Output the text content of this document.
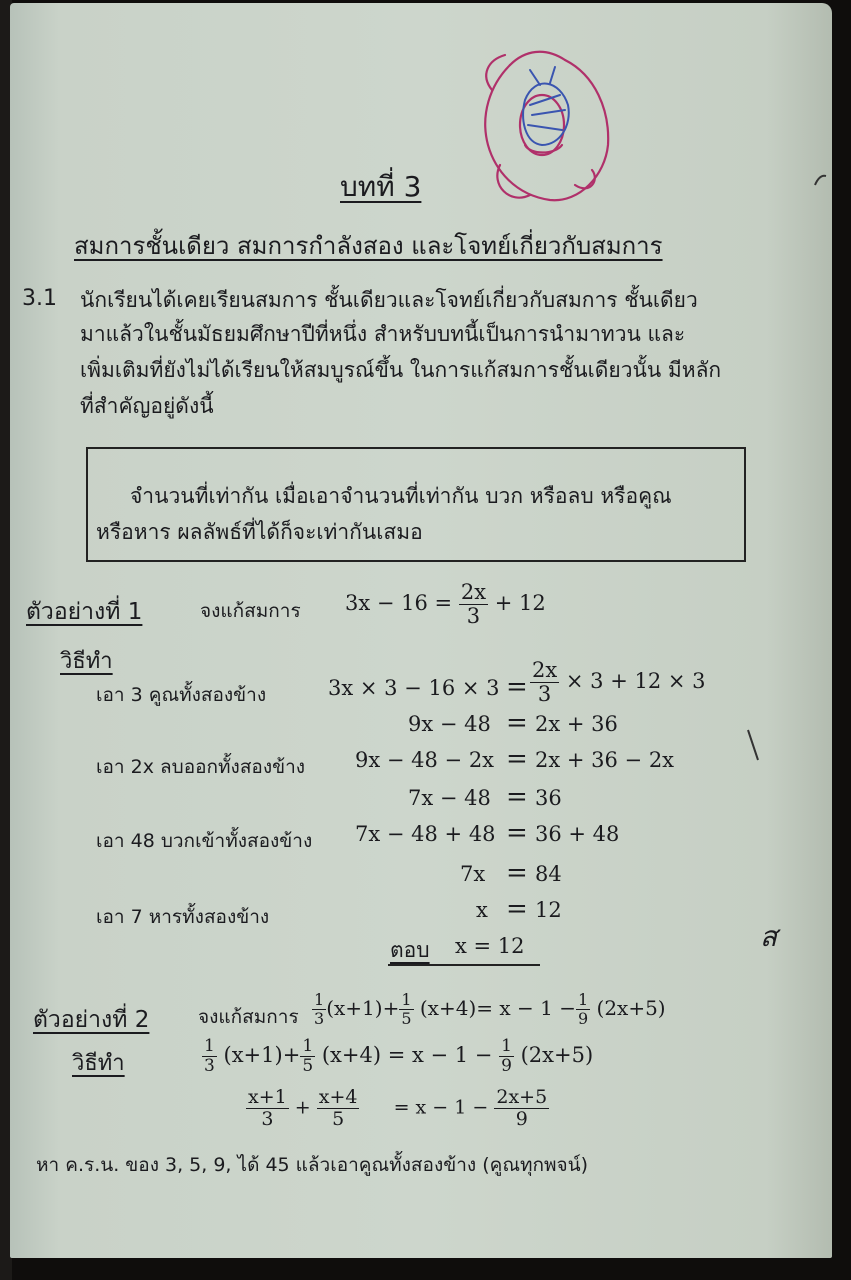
ส
บทที่ 3
สมการชั้นเดียว สมการกำลังสอง และโจทย์เกี่ยวกับสมการ
3.1 นักเรียนได้เคยเรียนสมการ ชั้นเดียวและโจทย์เกี่ยวกับสมการ ชั้นเดียว
มาแล้วในชั้นมัธยมศึกษาปีที่หนึ่ง สำหรับบทนี้เป็นการนำมาทวน และ
เพิ่มเติมที่ยังไม่ได้เรียนให้สมบูรณ์ขึ้น ในการแก้สมการชั้นเดียวนั้น มีหลัก
ที่สำคัญอยู่ดังนี้
จำนวนที่เท่ากัน เมื่อเอาจำนวนที่เท่ากัน บวก หรือลบ หรือคูณ
หรือหาร ผลลัพธ์ที่ได้ก็จะเท่ากันเสมอ
ตัวอย่างที่ 1	จงแก้สมการ $3x - 16 = \frac{2x}{3} + 12$
วิธีทำ
เอา 3 คูณทั้งสองข้าง	$3x \times 3 - 16 \times 3 = \frac{2x}{3} \times 3 + 12 \times 3$
9x − 48 = 2x + 36
เอา 2x ลบออกทั้งสองข้าง 9x − 48 − 2x = 2x + 36 − 2x
7x − 48 = 36
เอา 48 บวกเข้าทั้งสองข้าง 7x − 48 + 48 = 36 + 48
7x = 84
เอา 7 หารทั้งสองข้าง	x = 12
ตอบ x = 12
ตัวอย่างที่ 2	จงแก้สมการ $\frac{1}{3} (x+1)+ \frac{1}{5} (x+4)= x - 1 - \frac{1}{9} (2x+5)$
วิธีทำ	$\frac{1}{3} (x+1)+ \frac{1}{5} (x+4) = x - 1 - \frac{1}{9} (2x+5)$
$\frac{x+1}{3} + \frac{x+4}{5} = x - 1 - \frac{2x+5}{9}$
หา ค.ร.น. ของ 3, 5, 9, ได้ 45 แล้วเอาคูณทั้งสองข้าง (คูณทุกพจน์)
